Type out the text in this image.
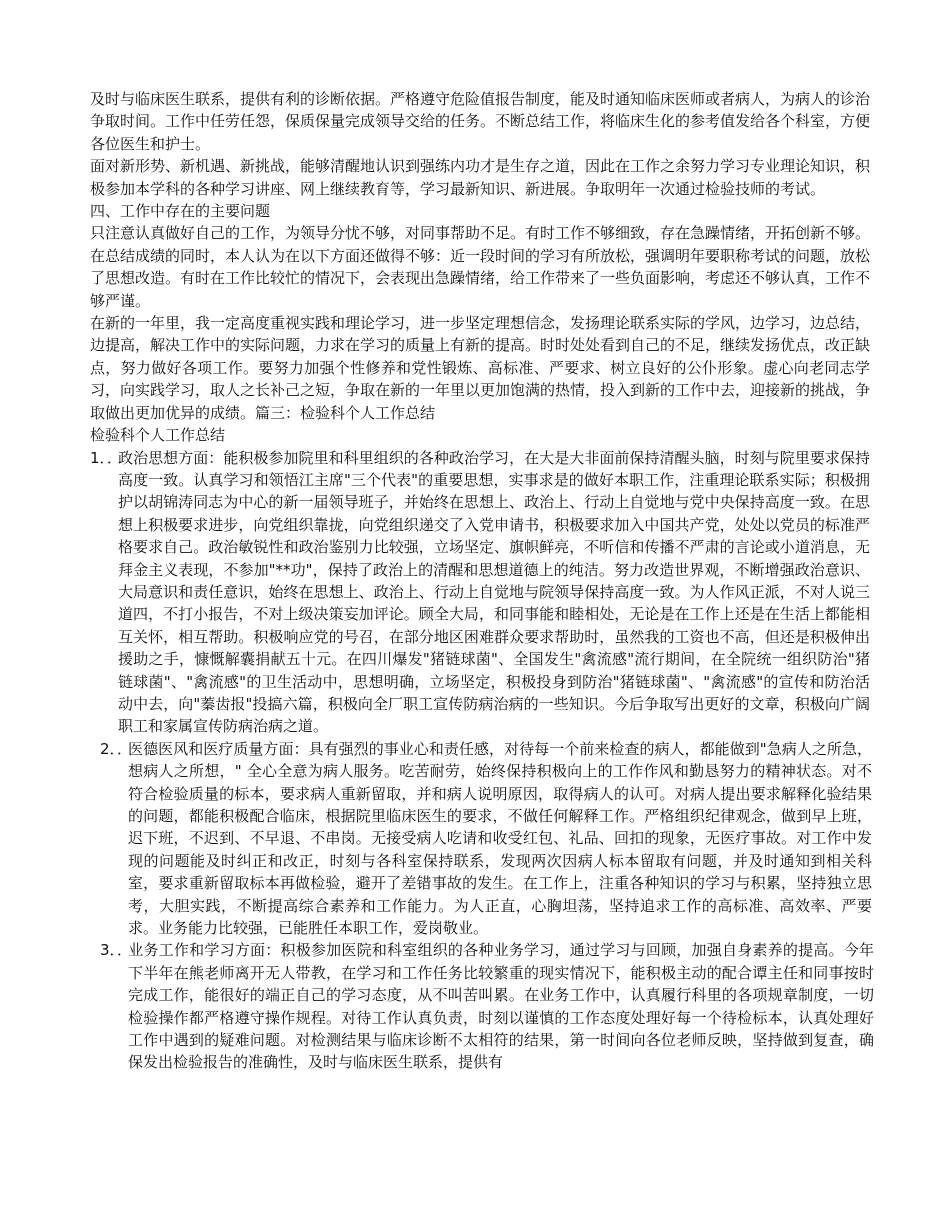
及时与临床医生联系，提供有利的诊断依据。严格遵守危险值报告制度，能及时通知临床医师或者病人，为病人的诊治争取时间。工作中任劳任怨，保质保量完成领导交给的任务。不断总结工作，将临床生化的参考值发给各个科室，方便各位医生和护士。

面对新形势、新机遇、新挑战，能够清醒地认识到强练内功才是生存之道，因此在工作之余努力学习专业理论知识，积极参加本学科的各种学习讲座、网上继续教育等，学习最新知识、新进展。争取明年一次通过检验技师的考试。

四、工作中存在的主要问题

只注意认真做好自己的工作，为领导分忧不够，对同事帮助不足。有时工作不够细致，存在急躁情绪，开拓创新不够。在总结成绩的同时，本人认为在以下方面还做得不够：近一段时间的学习有所放松，强调明年要职称考试的问题，放松了思想改造。有时在工作比较忙的情况下，会表现出急躁情绪，给工作带来了一些负面影响，考虑还不够认真，工作不够严谨。

在新的一年里，我一定高度重视实践和理论学习，进一步坚定理想信念，发扬理论联系实际的学风，边学习，边总结，边提高，解决工作中的实际问题，力求在学习的质量上有新的提高。时时处处看到自己的不足，继续发扬优点，改正缺点，努力做好各项工作。要努力加强个性修养和党性锻炼、高标准、严要求、树立良好的公仆形象。虚心向老同志学习，向实践学习，取人之长补己之短，争取在新的一年里以更加饱满的热情，投入到新的工作中去，迎接新的挑战，争取做出更加优异的成绩。篇三：检验科个人工作总结

检验科个人工作总结

1．．政治思想方面：能积极参加院里和科里组织的各种政治学习，在大是大非面前保持清醒头脑，时刻与院里要求保持高度一致。认真学习和领悟江主席"三个代表"的重要思想，实事求是的做好本职工作，注重理论联系实际；积极拥护以胡锦涛同志为中心的新一届领导班子，并始终在思想上、政治上、行动上自觉地与党中央保持高度一致。在思想上积极要求进步，向党组织靠拢，向党组织递交了入党申请书，积极要求加入中国共产党，处处以党员的标准严格要求自己。政治敏锐性和政治鉴别力比较强，立场坚定、旗帜鲜亮，不听信和传播不严肃的言论或小道消息，无拜金主义表现，不参加"**功"，保持了政治上的清醒和思想道德上的纯洁。努力改造世界观，不断增强政治意识、大局意识和责任意识，始终在思想上、政治上、行动上自觉地与院领导保持高度一致。为人作风正派，不对人说三道四，不打小报告，不对上级决策妄加评论。顾全大局，和同事能和睦相处，无论是在工作上还是在生活上都能相互关怀，相互帮助。积极响应党的号召，在部分地区困难群众要求帮助时，虽然我的工资也不高，但还是积极伸出援助之手，慷慨解囊捐献五十元。在四川爆发"猪链球菌"、全国发生"禽流感"流行期间，在全院统一组织防治"猪链球菌"、"禽流感"的卫生活动中，思想明确，立场坚定，积极投身到防治"猪链球菌"、"禽流感"的宣传和防治活动中去，向"蓁齿报"投搞六篇，积极向全厂职工宣传防病治病的一些知识。今后争取写出更好的文章，积极向广阔职工和家属宣传防病治病之道。
2．．医德医风和医疗质量方面：具有强烈的事业心和责任感，对待每一个前来检查的病人，都能做到"急病人之所急，想病人之所想，" 全心全意为病人服务。吃苦耐劳，始终保持积极向上的工作作风和勤恳努力的精神状态。对不符合检验质量的标本，要求病人重新留取，并和病人说明原因，取得病人的认可。对病人提出要求解释化验结果的问题，都能积极配合临床，根据院里临床医生的要求，不做任何解释工作。严格组织纪律观念，做到早上班，迟下班，不迟到、不早退、不串岗。无接受病人吃请和收受红包、礼品、回扣的现象，无医疗事故。对工作中发现的问题能及时纠正和改正，时刻与各科室保持联系，发现两次因病人标本留取有问题，并及时通知到相关科室，要求重新留取标本再做检验，避开了差错事故的发生。在工作上，注重各种知识的学习与积累，坚持独立思考，大胆实践，不断提高综合素养和工作能力。为人正直，心胸坦荡，坚持追求工作的高标准、高效率、严要求。业务能力比较强，已能胜任本职工作，爱岗敬业。
3．．业务工作和学习方面：积极参加医院和科室组织的各种业务学习，通过学习与回顾，加强自身素养的提高。今年下半年在熊老师离开无人带教，在学习和工作任务比较繁重的现实情况下，能积极主动的配合谭主任和同事按时完成工作，能很好的端正自己的学习态度，从不叫苦叫累。在业务工作中，认真履行科里的各项规章制度，一切检验操作都严格遵守操作规程。对待工作认真负责，时刻以谨慎的工作态度处理好每一个待检标本，认真处理好工作中遇到的疑难问题。对检测结果与临床诊断不太相符的结果，第一时间向各位老师反映，坚持做到复查，确保发出检验报告的准确性，及时与临床医生联系，提供有
